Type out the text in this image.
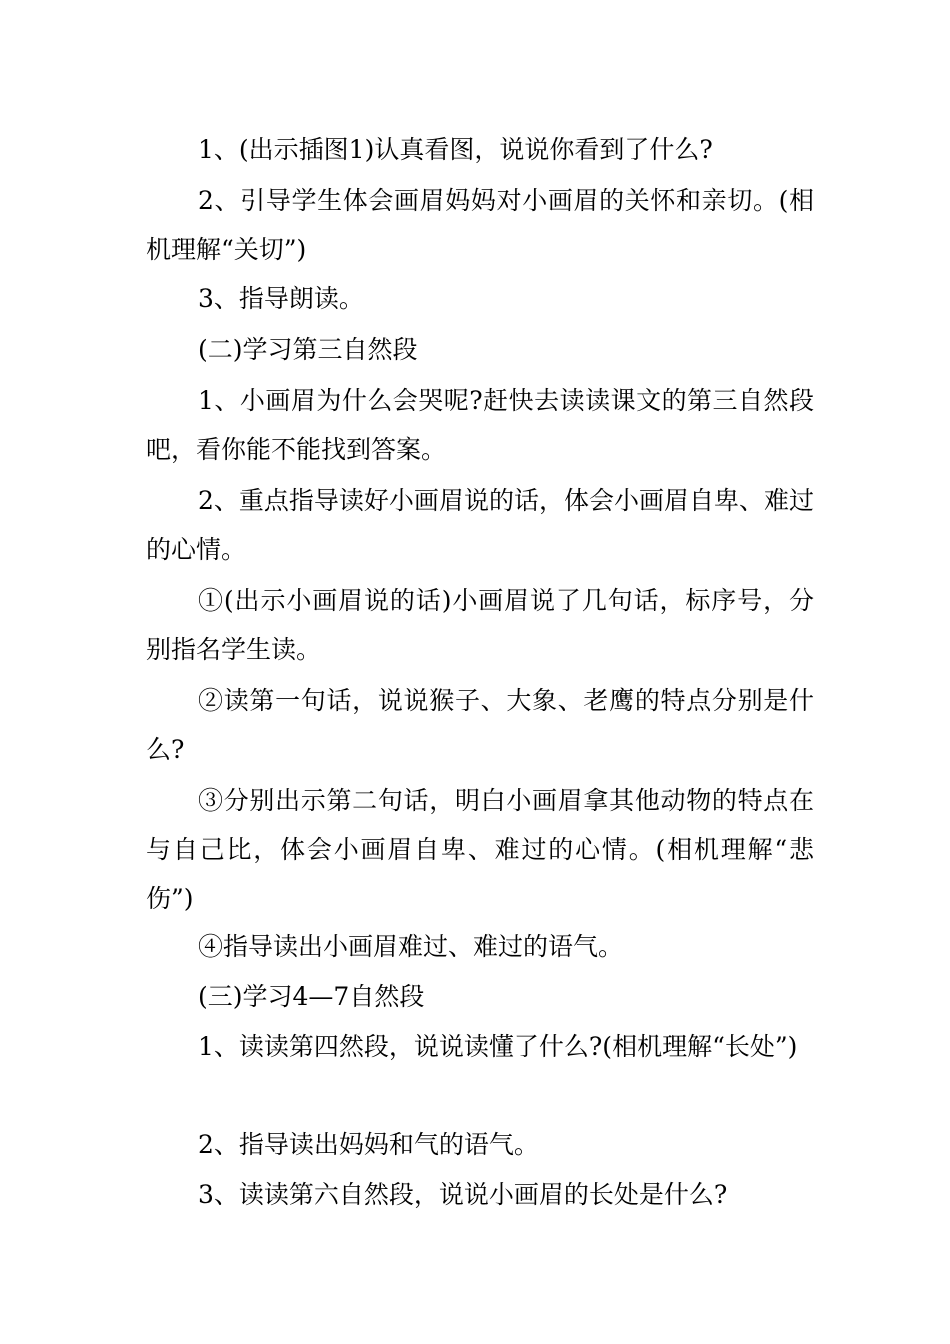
1、(出示插图1)认真看图，说说你看到了什么?

2、引导学生体会画眉妈妈对小画眉的关怀和亲切。(相机理解“关切”)

3、指导朗读。

(二)学习第三自然段

1、小画眉为什么会哭呢?赶快去读读课文的第三自然段吧，看你能不能找到答案。

2、重点指导读好小画眉说的话，体会小画眉自卑、难过的心情。

①(出示小画眉说的话)小画眉说了几句话，标序号，分别指名学生读。

②读第一句话，说说猴子、大象、老鹰的特点分别是什么?

③分别出示第二句话，明白小画眉拿其他动物的特点在与自己比，体会小画眉自卑、难过的心情。(相机理解“悲伤”)

④指导读出小画眉难过、难过的语气。

(三)学习4—7自然段

1、读读第四然段，说说读懂了什么?(相机理解“长处”)

2、指导读出妈妈和气的语气。

3、读读第六自然段，说说小画眉的长处是什么?
